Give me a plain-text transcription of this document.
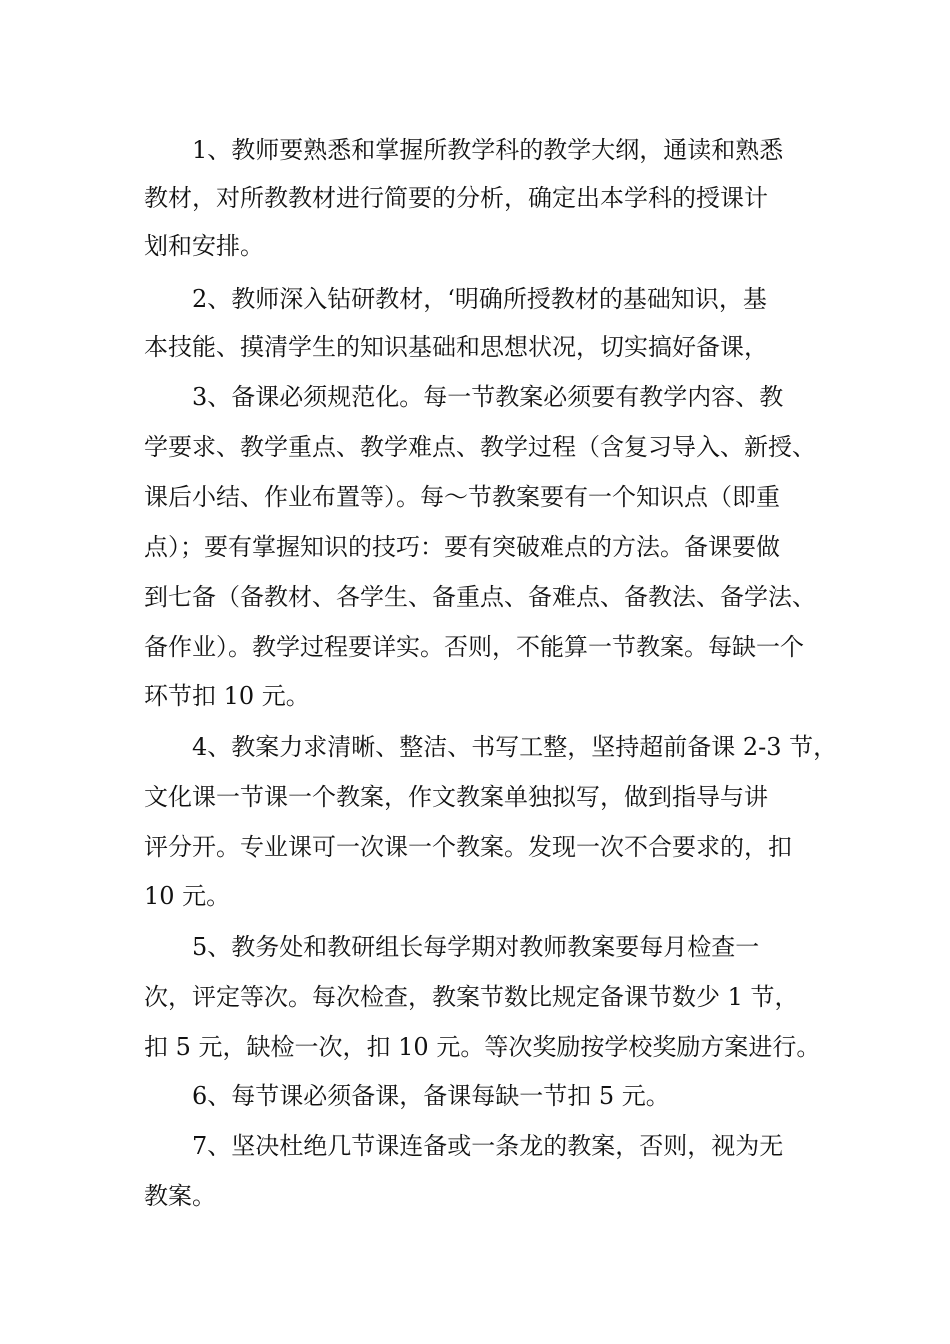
1、教师要熟悉和掌握所教学科的教学大纲，通读和熟悉
教材，对所教教材进行简要的分析，确定出本学科的授课计
划和安排。
2、教师深入钻研教材，‘明确所授教材的基础知识，基
本技能、摸清学生的知识基础和思想状况，切实搞好备课，
3、备课必须规范化。每一节教案必须要有教学内容、教
学要求、教学重点、教学难点、教学过程（含复习导入、新授、
课后小结、作业布置等）。每～节教案要有一个知识点（即重
点）；要有掌握知识的技巧：要有突破难点的方法。备课要做
到七备（备教材、各学生、备重点、备难点、备教法、备学法、
备作业）。教学过程要详实。否则，不能算一节教案。每缺一个
环节扣 10 元。
4、教案力求清晰、整洁、书写工整，坚持超前备课 2-3 节，
文化课一节课一个教案，作文教案单独拟写，做到指导与讲
评分开。专业课可一次课一个教案。发现一次不合要求的，扣
10 元。
5、教务处和教研组长每学期对教师教案要每月检查一
次，评定等次。每次检查，教案节数比规定备课节数少 1 节，
扣 5 元，缺检一次，扣 10 元。等次奖励按学校奖励方案进行。
6、每节课必须备课，备课每缺一节扣 5 元。
7、坚决杜绝几节课连备或一条龙的教案，否则，视为无
教案。
